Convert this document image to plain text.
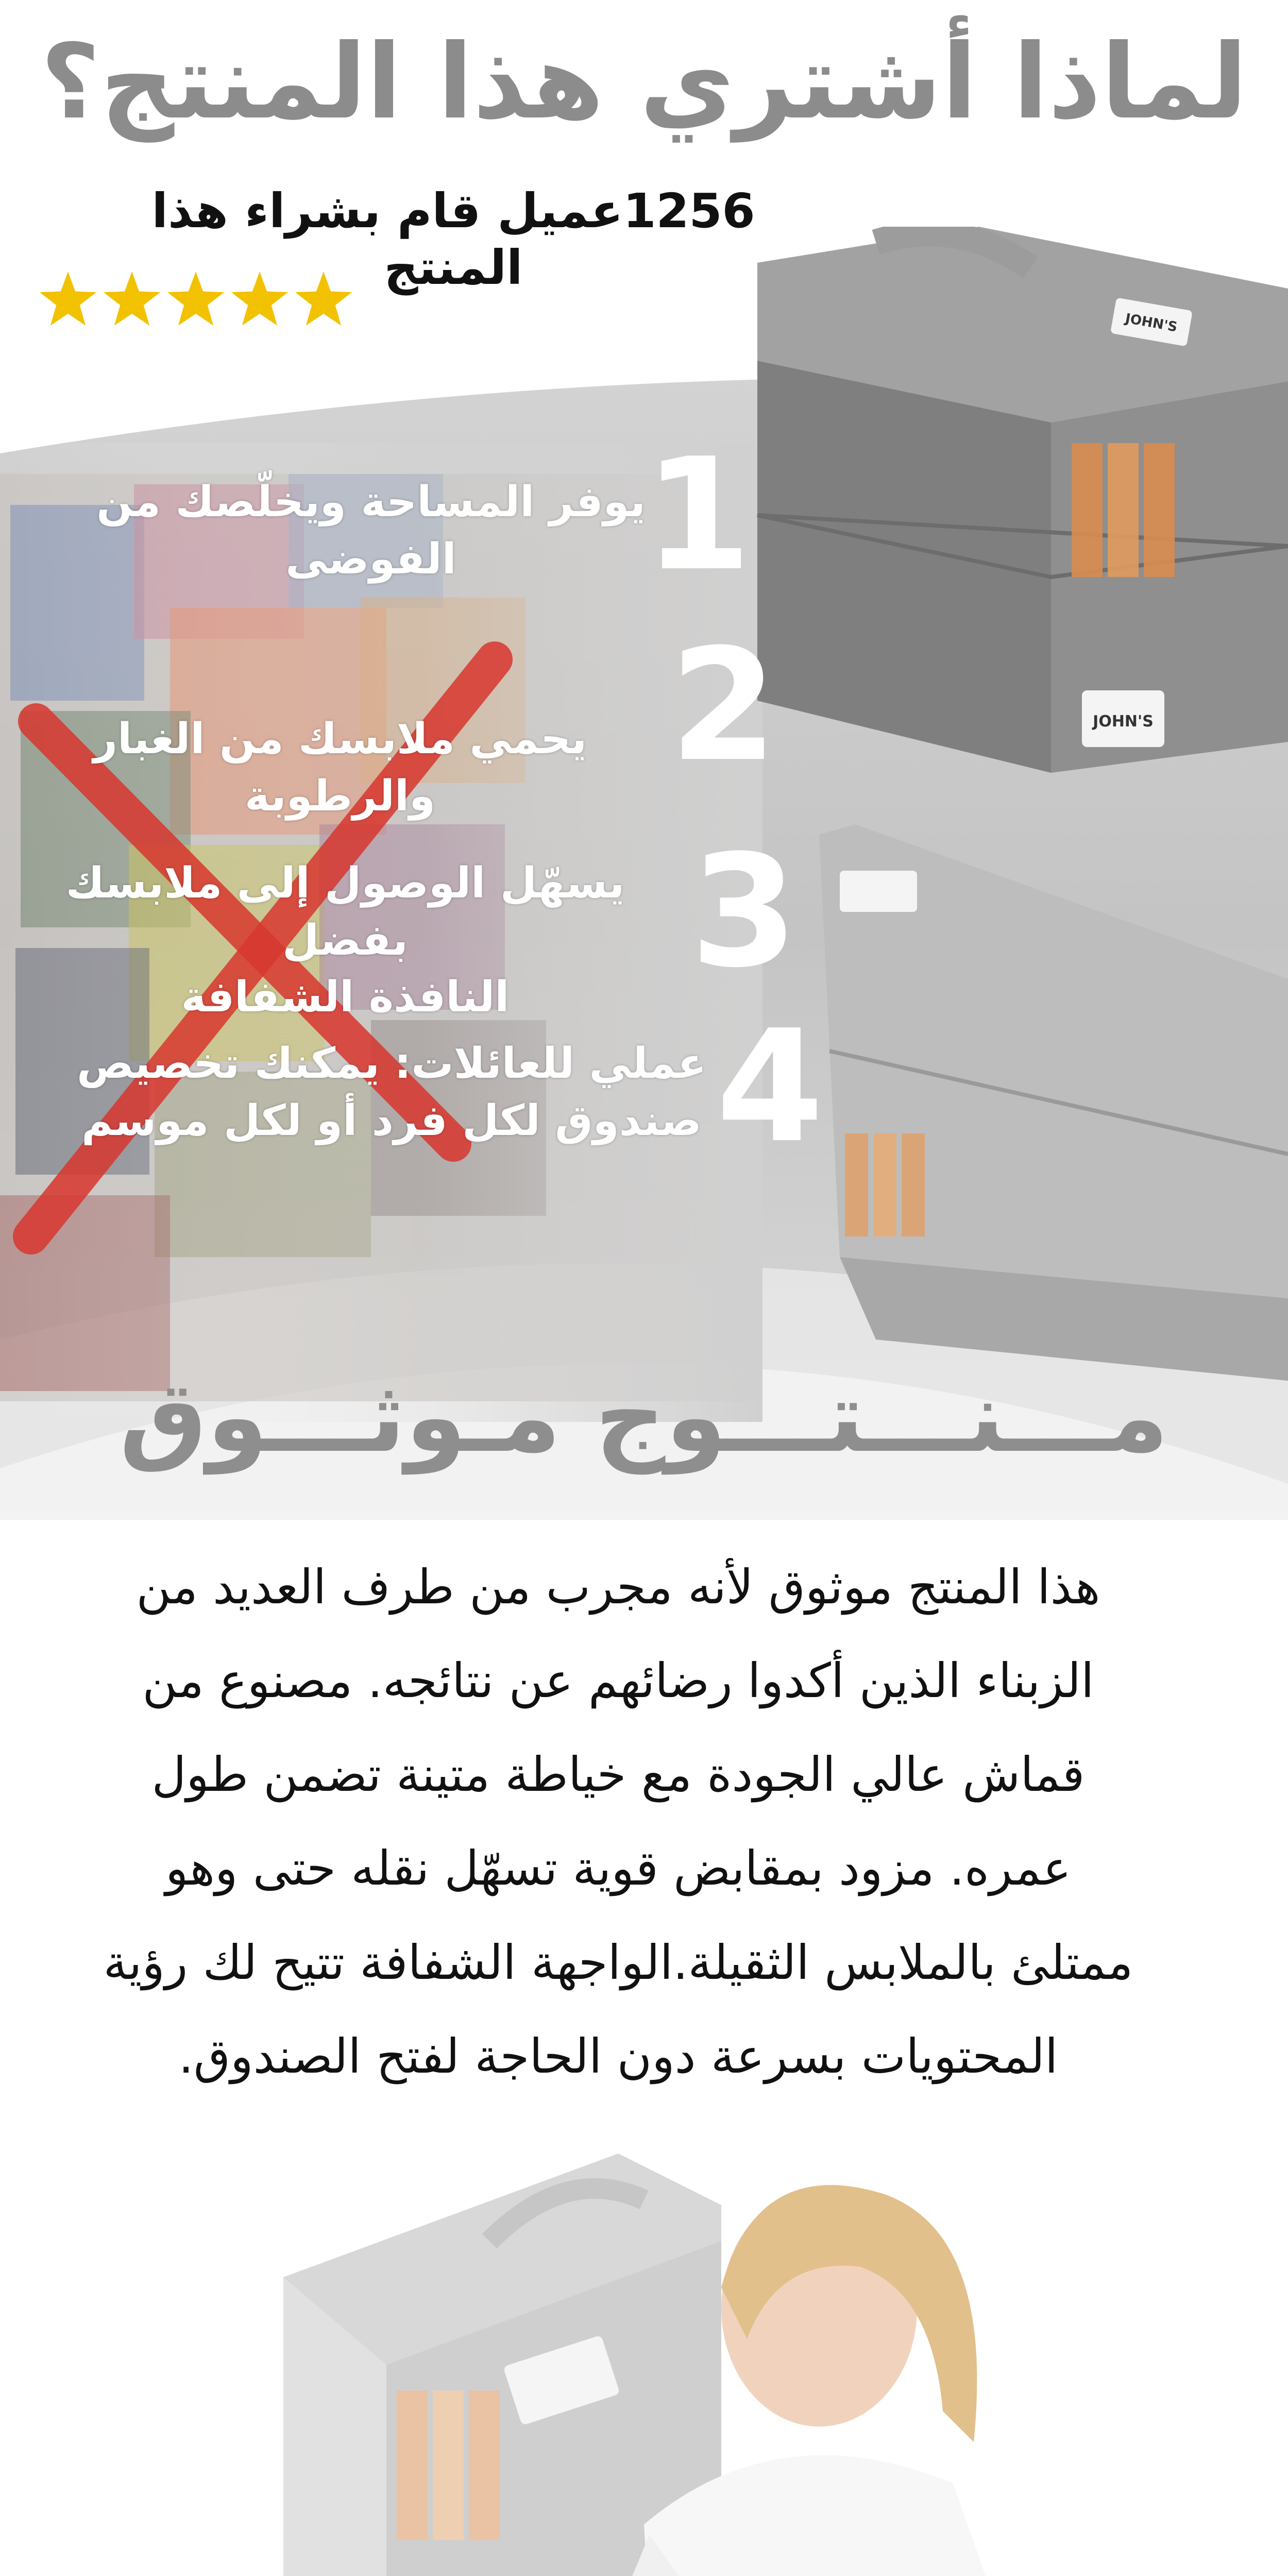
لماذا أشتري هذا المنتج؟
1256عميل قام بشراء هذا المنتج
JOHN'S
JOHN'S
1
يوفر المساحة ويخلّصك من
الفوضى
2
يحمي ملابسك من الغبار والرطوبة
3
يسهّل الوصول إلى ملابسك بفضل
النافذة الشفافة	4
عملي للعائلات: يمكنك تخصيص
صندوق لكل فرد أو لكل موسم
مـــنـــتـــوج مـوثـــوق
هذا المنتج موثوق لأنه مجرب من طرف العديد من
الزبناء الذين أكدوا رضائهم عن نتائجه. مصنوع من
قماش عالي الجودة مع خياطة متينة تضمن طول
عمره. مزود بمقابض قوية تسهّل نقله حتى وهو
ممتلئ بالملابس الثقيلة.الواجهة الشفافة تتيح لك رؤية
المحتويات بسرعة دون الحاجة لفتح الصندوق.
